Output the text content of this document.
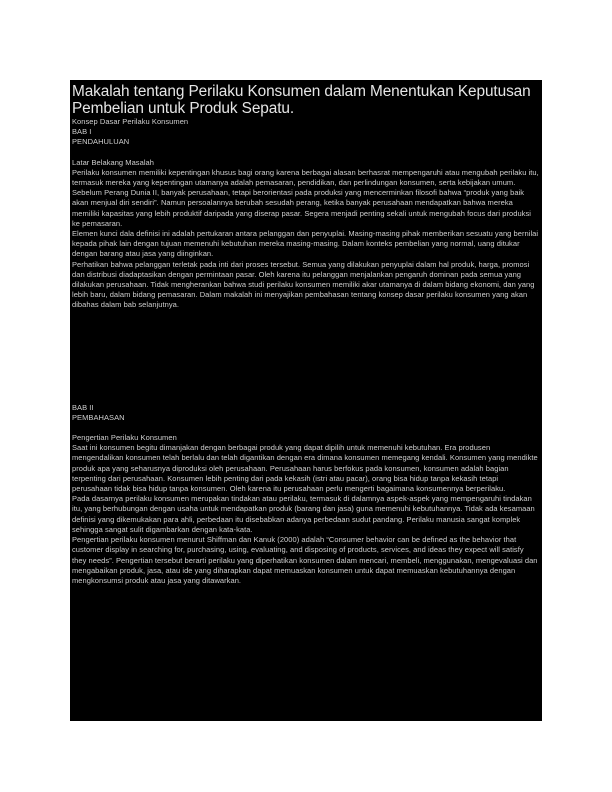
Makalah tentang Perilaku Konsumen dalam Menentukan Keputusan Pembelian untuk Produk Sepatu.

Konsep Dasar Perilaku Konsumen

BAB I

PENDAHULUAN

Latar Belakang Masalah

Perilaku konsumen memiliki kepentingan khusus bagi orang karena berbagai alasan berhasrat mempengaruhi atau mengubah perilaku itu, termasuk mereka yang kepentingan utamanya adalah pemasaran, pendidikan, dan perlindungan konsumen, serta kebijakan umum.

Sebelum Perang Dunia II, banyak perusahaan, tetapi berorientasi pada produksi yang mencerminkan filosofi bahwa “produk yang baik akan menjual diri sendiri”. Namun persoalannya berubah sesudah perang, ketika banyak perusahaan mendapatkan bahwa mereka memiliki kapasitas yang lebih produktif daripada yang diserap pasar. Segera menjadi penting sekali untuk mengubah focus dari produksi ke pemasaran.

Elemen kunci dala definisi ini adalah pertukaran antara pelanggan dan penyuplai. Masing-masing pihak memberikan sesuatu yang bernilai kepada pihak lain dengan tujuan memenuhi kebutuhan mereka masing-masing. Dalam konteks pembelian yang normal, uang ditukar dengan barang atau jasa yang diinginkan.

Perhatikan bahwa pelanggan terletak pada inti dari proses tersebut. Semua yang dilakukan penyuplai dalam hal produk, harga, promosi dan distribusi diadaptasikan dengan permintaan pasar. Oleh karena itu pelanggan menjalankan pengaruh dominan pada semua yang dilakukan perusahaan. Tidak mengherankan bahwa studi perilaku konsumen memiliki akar utamanya di dalam bidang ekonomi, dan yang lebih baru, dalam bidang pemasaran. Dalam makalah ini menyajikan pembahasan tentang konsep dasar perilaku konsumen yang akan dibahas dalam bab selanjutnya.

BAB II

PEMBAHASAN

Pengertian Perilaku Konsumen

Saat ini konsumen begitu dimanjakan dengan berbagai produk yang dapat dipilih untuk memenuhi kebutuhan. Era produsen mengendalikan konsumen telah berlalu dan telah digantikan dengan era dimana konsumen memegang kendali. Konsumen yang mendikte produk apa yang seharusnya diproduksi oleh perusahaan. Perusahaan harus berfokus pada konsumen, konsumen adalah bagian terpenting dari perusahaan. Konsumen lebih penting dari pada kekasih (istri atau pacar), orang bisa hidup tanpa kekasih tetapi perusahaan tidak bisa hidup tanpa konsumen. Oleh karena itu perusahaan perlu mengerti bagaimana konsumennya berperilaku.

Pada dasarnya perilaku konsumen merupakan tindakan atau perilaku, termasuk di dalamnya aspek-aspek yang mempengaruhi tindakan itu, yang berhubungan dengan usaha untuk mendapatkan produk (barang dan jasa) guna memenuhi kebutuhannya. Tidak ada kesamaan definisi yang dikemukakan para ahli, perbedaan itu disebabkan adanya perbedaan sudut pandang. Perilaku manusia sangat komplek sehingga sangat sulit digambarkan dengan kata-kata.

Pengertian perilaku konsumen menurut Shiffman dan Kanuk (2000) adalah “Consumer behavior can be defined as the behavior that customer display in searching for, purchasing, using, evaluating, and disposing of products, services, and ideas they expect will satisfy they needs”. Pengertian tersebut berarti perilaku yang diperhatikan konsumen dalam mencari, membeli, menggunakan, mengevaluasi dan mengabaikan produk, jasa, atau ide yang diharapkan dapat memuaskan konsumen untuk dapat memuaskan kebutuhannya dengan mengkonsumsi produk atau jasa yang ditawarkan.
